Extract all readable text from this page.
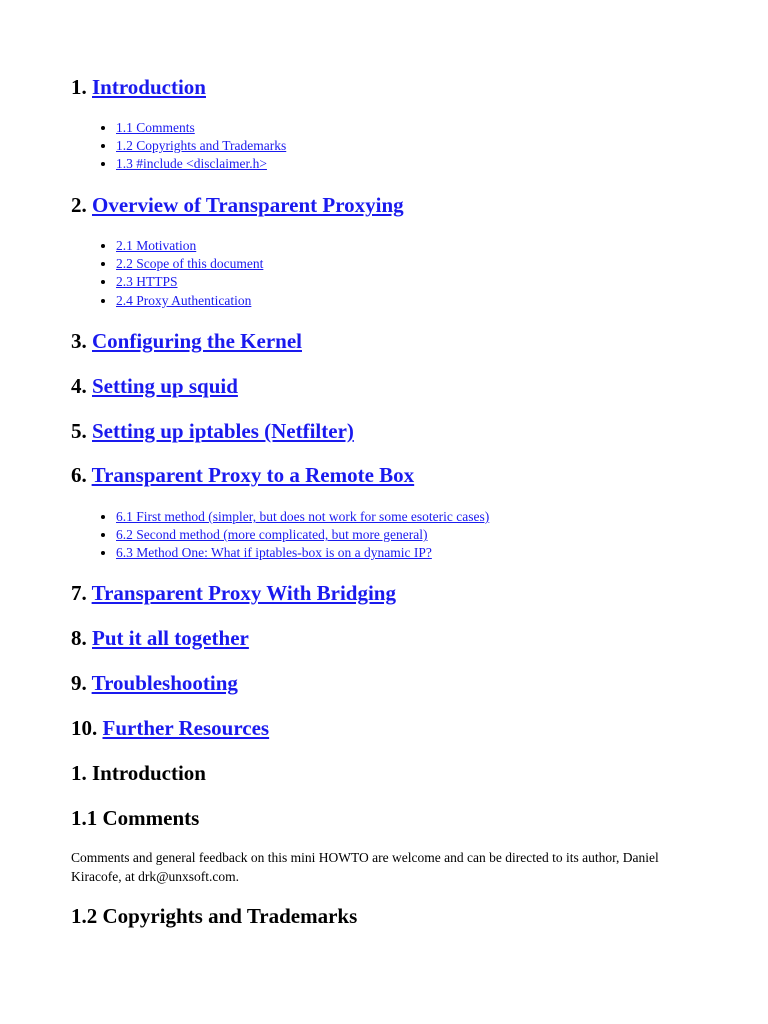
1. Introduction
• 1.1 Comments
• 1.2 Copyrights and Trademarks
• 1.3 #include <disclaimer.h>
2. Overview of Transparent Proxying
• 2.1 Motivation
• 2.2 Scope of this document
• 2.3 HTTPS
• 2.4 Proxy Authentication
3. Configuring the Kernel
4. Setting up squid
5. Setting up iptables (Netfilter)
6. Transparent Proxy to a Remote Box
• 6.1 First method (simpler, but does not work for some esoteric cases)
• 6.2 Second method (more complicated, but more general)
• 6.3 Method One: What if iptables-box is on a dynamic IP?
7. Transparent Proxy With Bridging
8. Put it all together
9. Troubleshooting
10. Further Resources
1. Introduction
1.1 Comments

Comments and general feedback on this mini HOWTO are welcome and can be directed to its author, Daniel Kiracofe, at drk@unxsoft.com.

1.2 Copyrights and Trademarks
